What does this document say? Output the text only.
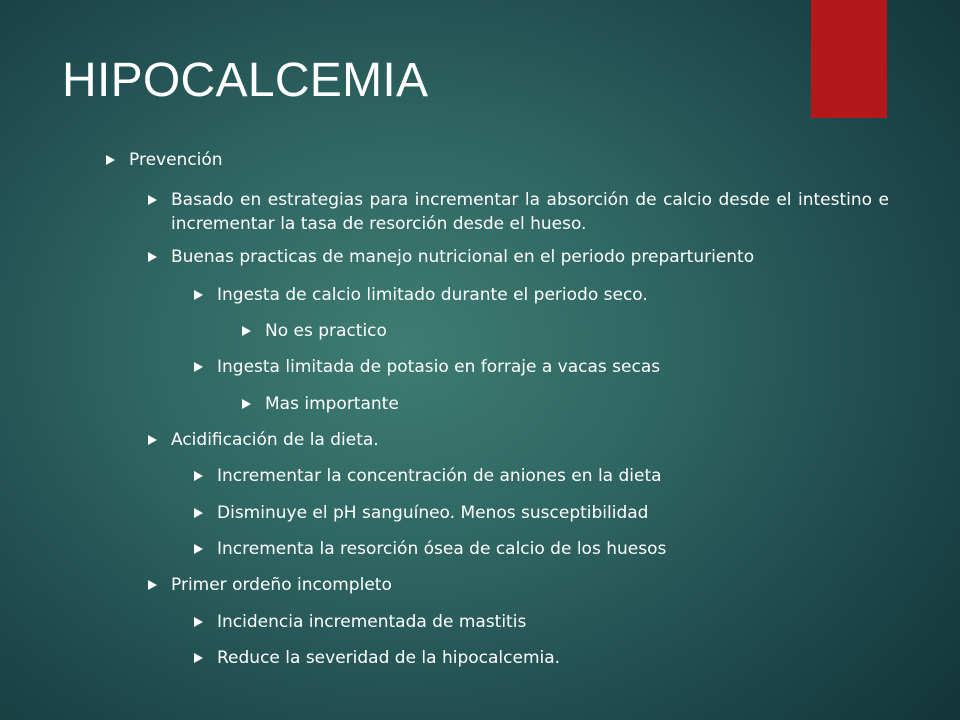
HIPOCALCEMIA
Prevención
Basado en estrategias para incrementar la absorción de calcio desde el intestino e incrementar la tasa de resorción desde el hueso.
Buenas practicas de manejo nutricional en el periodo preparturiento
Ingesta de calcio limitado durante el periodo seco.
No es practico
Ingesta limitada de potasio en forraje a vacas secas
Mas importante
Acidificación de la dieta.
Incrementar la concentración de aniones en la dieta
Disminuye el pH sanguíneo. Menos susceptibilidad
Incrementa la resorción ósea de calcio de los huesos
Primer ordeño incompleto
Incidencia incrementada de mastitis
Reduce la severidad de la hipocalcemia.
